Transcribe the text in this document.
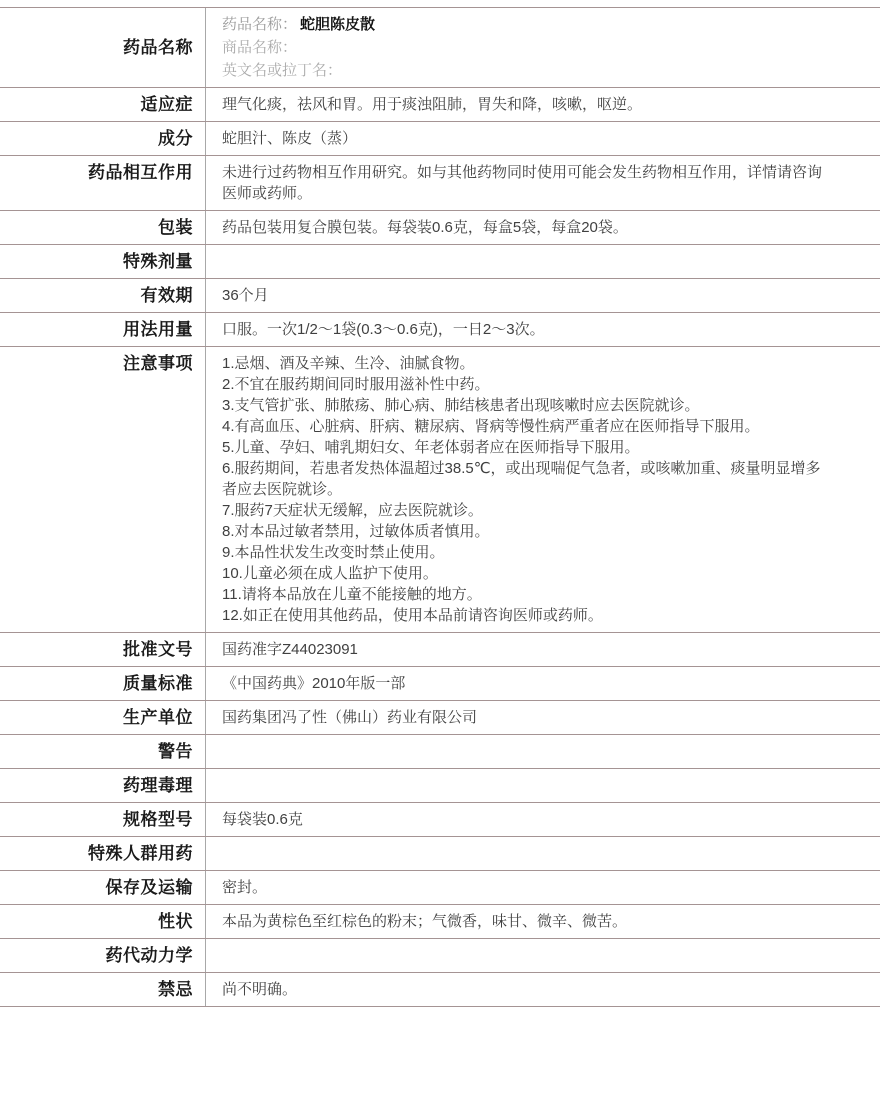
药品名称
药品名称： 蛇胆陈皮散
商品名称：
英文名或拉丁名：
适应症	理气化痰，祛风和胃。用于痰浊阻肺，胃失和降，咳嗽，呕逆。
成分	蛇胆汁、陈皮（蒸）
药品相互作用	未进行过药物相互作用研究。如与其他药物同时使用可能会发生药物相互作用，详情请咨询医师或药师。
包装	药品包装用复合膜包装。每袋装0.6克，每盒5袋，每盒20袋。
特殊剂量
有效期	36个月
用法用量	口服。一次1/2～1袋(0.3～0.6克)，一日2～3次。
注意事项	1.忌烟、酒及辛辣、生冷、油腻食物。
2.不宜在服药期间同时服用滋补性中药。
3.支气管扩张、肺脓疡、肺心病、肺结核患者出现咳嗽时应去医院就诊。
4.有高血压、心脏病、肝病、糖尿病、肾病等慢性病严重者应在医师指导下服用。
5.儿童、孕妇、哺乳期妇女、年老体弱者应在医师指导下服用。
6.服药期间，若患者发热体温超过38.5℃，或出现喘促气急者，或咳嗽加重、痰量明显增多者应去医院就诊。
7.服药7天症状无缓解，应去医院就诊。
8.对本品过敏者禁用，过敏体质者慎用。
9.本品性状发生改变时禁止使用。
10.儿童必须在成人监护下使用。
11.请将本品放在儿童不能接触的地方。
12.如正在使用其他药品，使用本品前请咨询医师或药师。
批准文号	国药准字Z44023091
质量标准	《中国药典》2010年版一部
生产单位	国药集团冯了性（佛山）药业有限公司
警告
药理毒理
规格型号	每袋装0.6克
特殊人群用药
保存及运输	密封。
性状	本品为黄棕色至红棕色的粉末；气微香，味甘、微辛、微苦。
药代动力学
禁忌	尚不明确。
